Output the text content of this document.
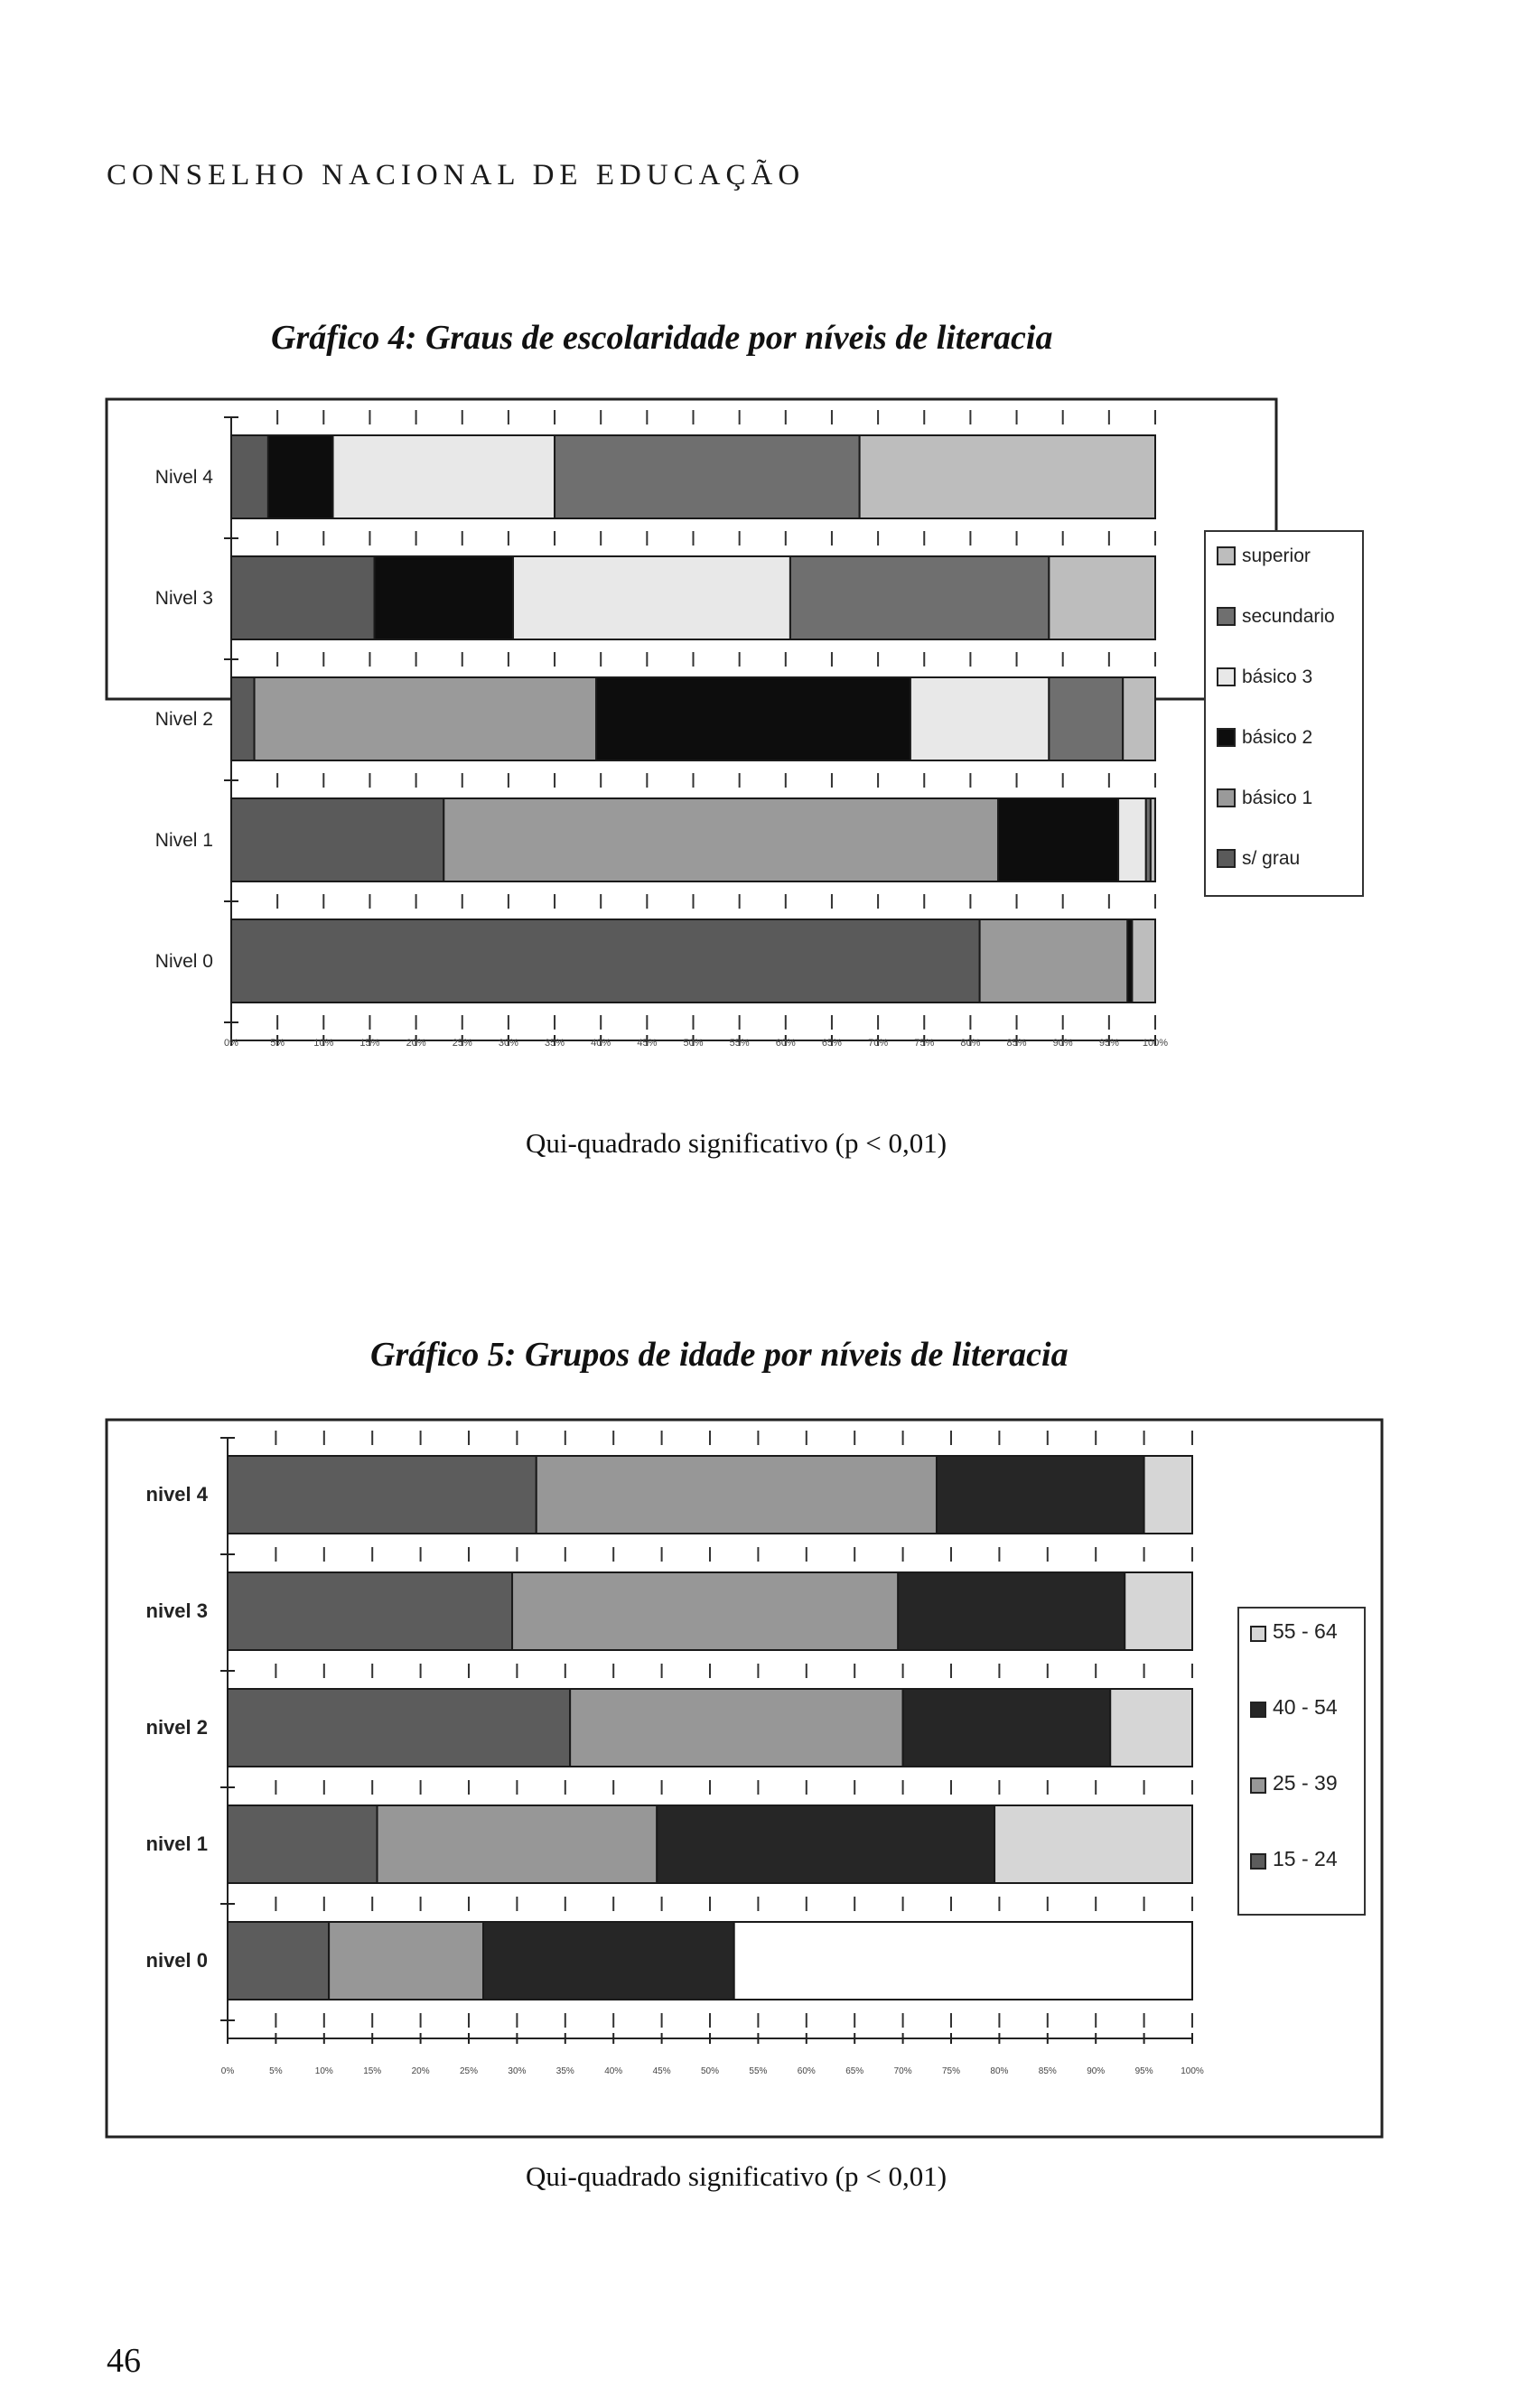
CONSELHO NACIONAL DE EDUCAÇÃO
Gráfico 4: Graus de escolaridade por níveis de literacia
Qui-quadrado significativo (p < 0,01)
Gráfico 5: Grupos de idade por níveis de literacia
Qui-quadrado significativo (p < 0,01)
46
Nivel 4
Nivel 3
Nivel 2
Nivel 1
Nivel 0
0%	5%	10%	15%	20%	25%	30%	35%	40%	45%	50%	55%	60%	65%	70%	75%	80%	85%	90%	95% 100%
superior
secundario
básico 3
básico 2
básico 1
s/ grau
nivel 4
nivel 3
nivel 2
nivel 1
nivel 0
0%	5%	10%	15%	20%	25%	30%	35%	40%	45%	50%	55%	60%	65%	70%	75%	80%	85%	90%	95%	100%
55 - 64
40 - 54
25 - 39
15 - 24
